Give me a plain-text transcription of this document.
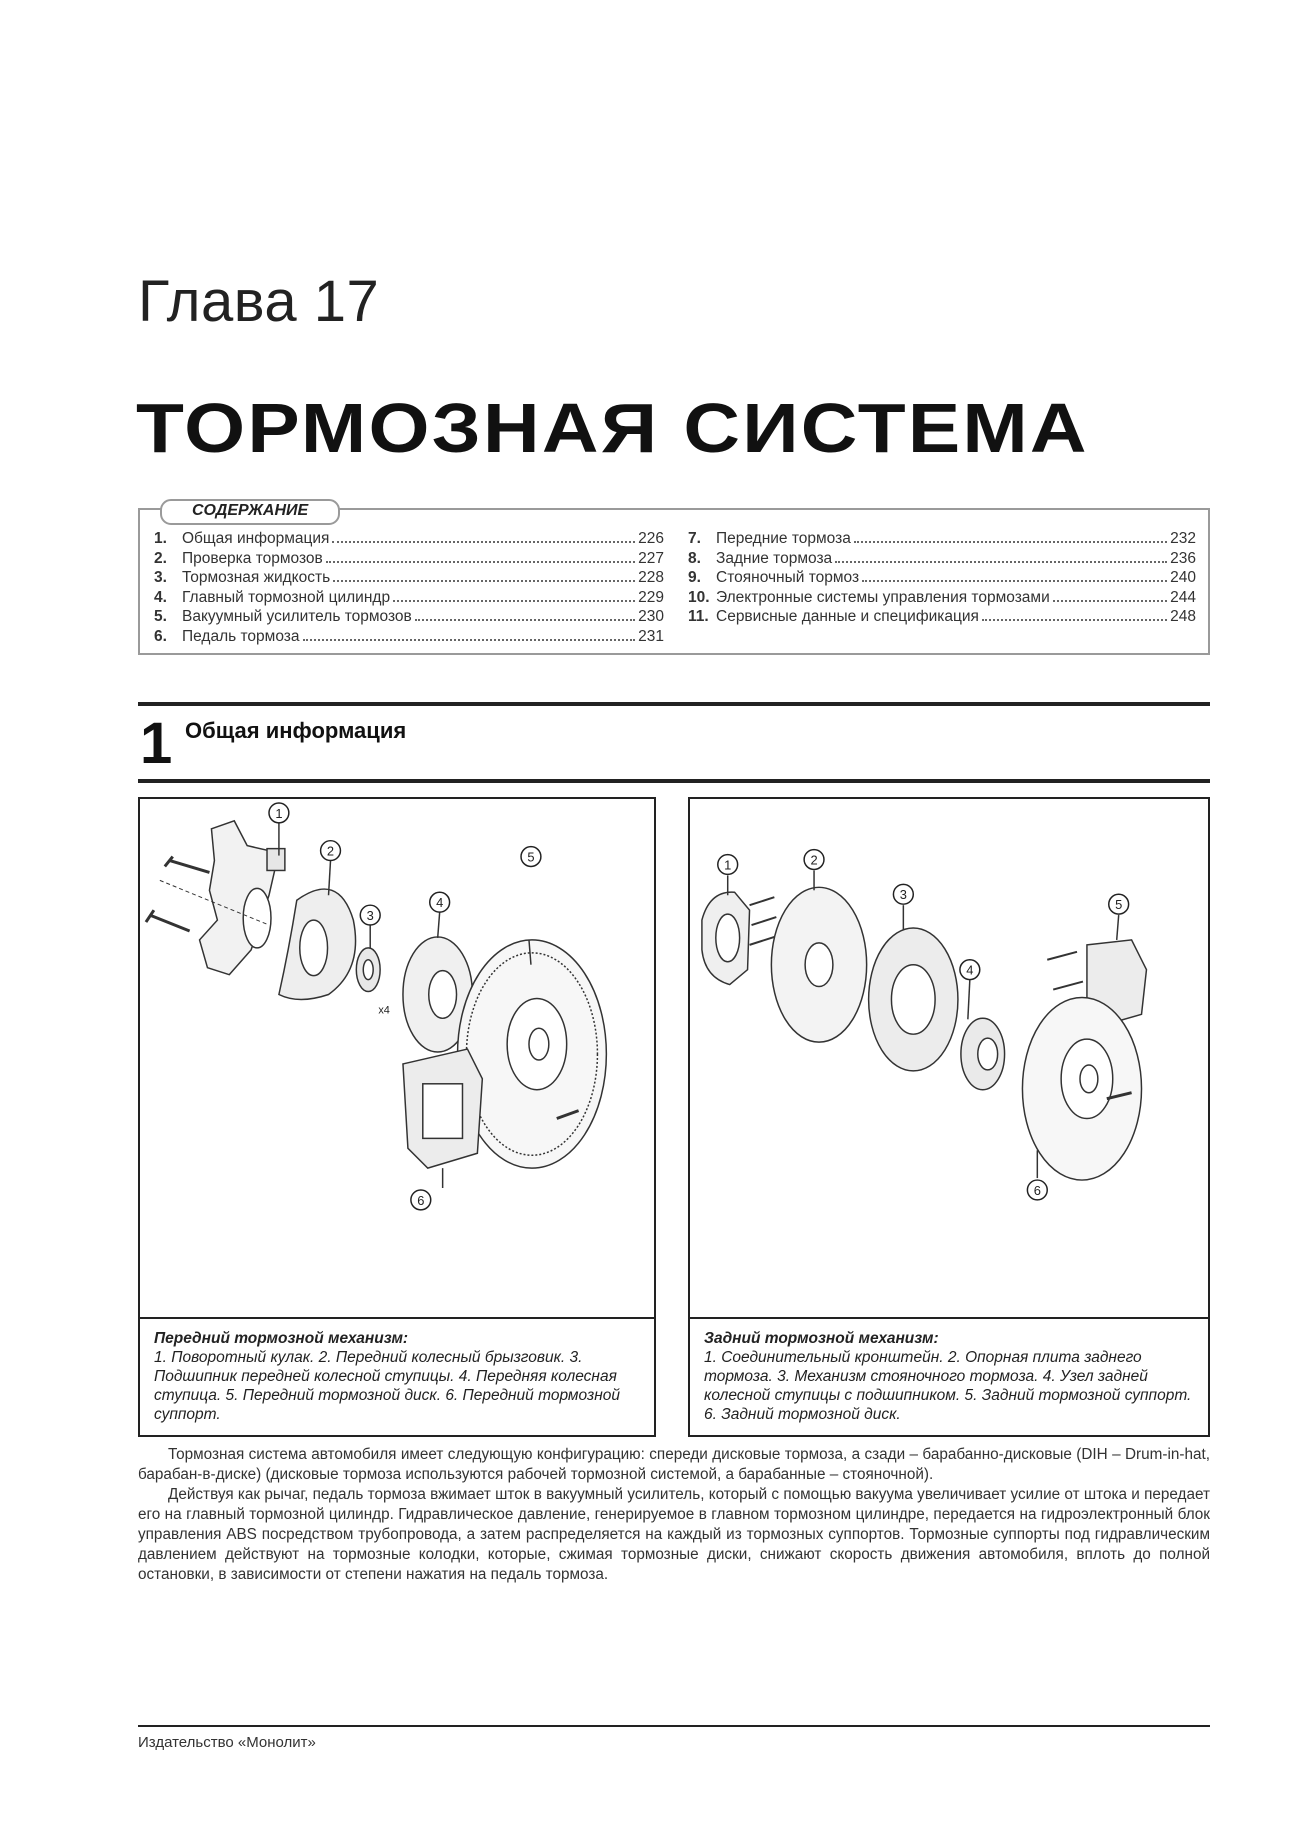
Глава 17
ТОРМОЗНАЯ СИСТЕМА
СОДЕРЖАНИЕ
1. Общая информация	226
2. Проверка тормозов	227
3. Тормозная жидкость	228
4. Главный тормозной цилиндр	229
5. Вакуумный усилитель тормозов	230
6. Педаль тормоза	231
7. Передние тормоза	232
8. Задние тормоза	236
9. Стояночный тормоз	240
10. Электронные системы управления тормозами	244
11. Сервисные данные и спецификация	248
1 Общая информация
1
2
3
4
5
6
x4
Передний тормозной механизм:

1. Поворотный кулак. 2. Передний колесный брызговик. 3. Подшипник передней колесной ступицы. 4. Передняя колесная ступица. 5. Передний тормозной диск. 6. Передний тормозной суппорт.

1	2
3
4
5
6
Задний тормозной механизм:

1. Соединительный кронштейн. 2. Опорная плита заднего тормоза. 3. Механизм стояночного тормоза. 4. Узел задней колесной ступицы с подшипником. 5. Задний тормозной суппорт. 6. Задний тормозной диск.

Тормозная система автомобиля имеет следующую конфигурацию: спереди дисковые тормоза, а сзади – барабанно-дисковые (DIH – Drum-in-hat, барабан-в-диске) (дисковые тормоза используются рабочей тормозной системой, а барабанные – стояночной).

Действуя как рычаг, педаль тормоза вжимает шток в вакуумный усилитель, который с помощью вакуума увеличивает усилие от штока и передает его на главный тормозной цилиндр. Гидравлическое давление, генерируемое в главном тормозном цилиндре, передается на гидроэлектронный блок управления ABS посредством трубопровода, а затем распределяется на каждый из тормозных суппортов. Тормозные суппорты под гидравлическим давлением действуют на тормозные колодки, которые, сжимая тормозные диски, снижают скорость движения автомобиля, вплоть до полной остановки, в зависимости от степени нажатия на педаль тормоза.

Издательство «Монолит»
